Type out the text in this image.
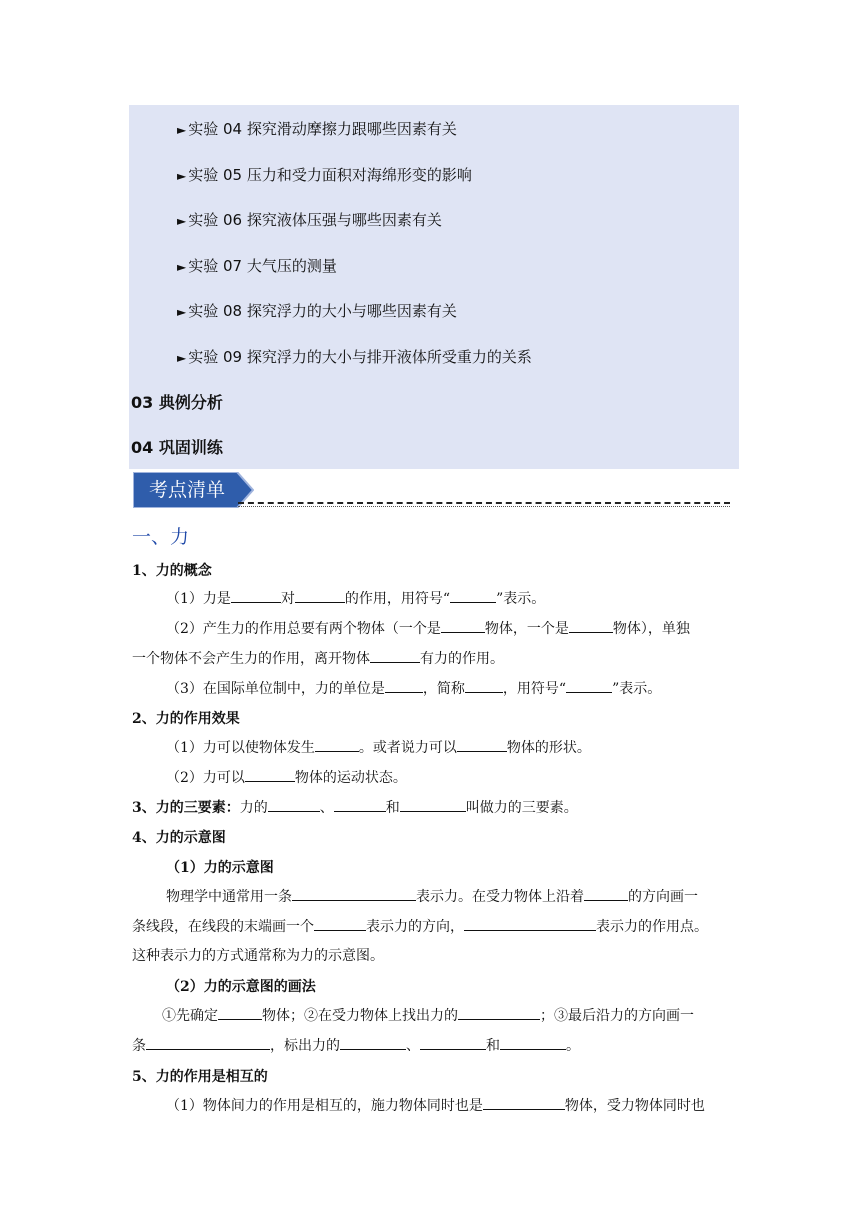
► 实验 04 探究滑动摩擦力跟哪些因素有关
► 实验 05 压力和受力面积对海绵形变的影响
► 实验 06 探究液体压强与哪些因素有关
► 实验 07 大气压的测量
► 实验 08 探究浮力的大小与哪些因素有关
► 实验 09 探究浮力的大小与排开液体所受重力的关系
03 典例分析
04 巩固训练
考点清单
一、力
1、力的概念
（1）力是	对	的作用，用符号“	”表示。
（2）产生力的作用总要有两个物体（一个是	物体，一个是	物体），单独
一个物体不会产生力的作用，离开物体	有力的作用。
（3）在国际单位制中，力的单位是	，简称	，用符号“	”表示。
2、力的作用效果
（1）力可以使物体发生	。或者说力可以	物体的形状。
（2）力可以	物体的运动状态。
3、力的三要素：力的	、	和	叫做力的三要素。
4、力的示意图
（1）力的示意图
物理学中通常用一条	表示力。在受力物体上沿着	的方向画一
条线段，在线段的末端画一个	表示力的方向，	表示力的作用点。
这种表示力的方式通常称为力的示意图。
（2）力的示意图的画法
①先确定	物体；②在受力物体上找出力的	；③最后沿力的方向画一
条	，标出力的	、	和	。
5、力的作用是相互的
（1）物体间力的作用是相互的，施力物体同时也是	物体，受力物体同时也
